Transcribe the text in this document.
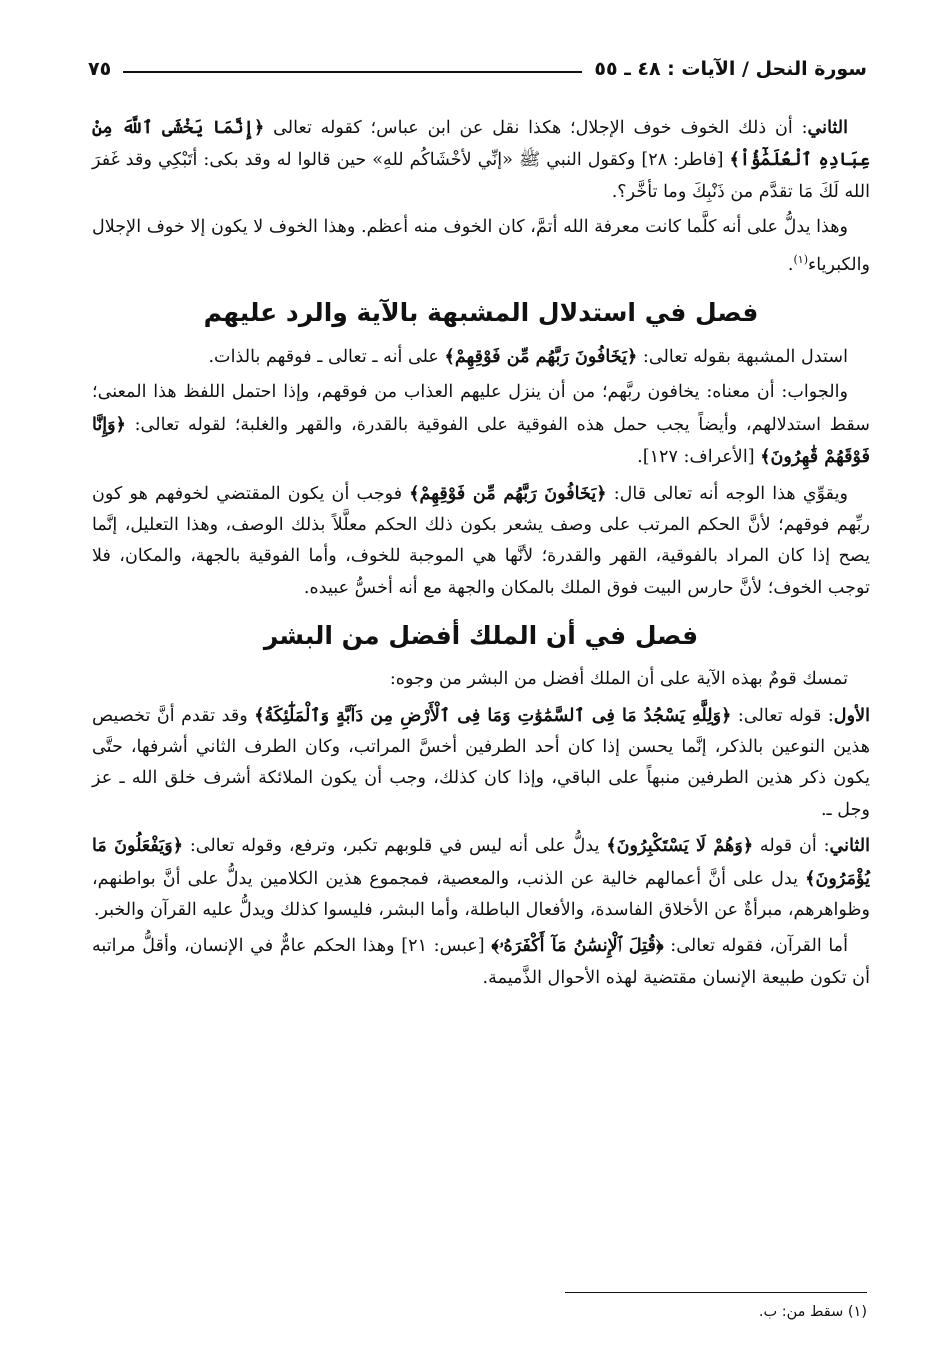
سورة النحل / الآيات : ٤٨ ـ ٥٥
٧٥

الثاني: أن ذلك الخوف خوف الإجلال؛ هكذا نقل عن ابن عباس؛ كقوله تعالى ﴿إِنَّمَا يَخْشَى ٱللَّهَ مِنْ عِبَادِهِ ٱلْعُلَمَٰٓؤُاْ﴾ [فاطر: ٢٨] وكقول النبي ﷺ «إنِّي لأخْشَاكُم للهِ» حين قالوا له وقد بكى: أتَبْكِي وقد غَفرَ الله لَكَ مَا تقدَّم من ذَنْبِكَ وما تأخَّر؟.

وهذا يدلُّ على أنه كلَّما كانت معرفة الله أتمَّ، كان الخوف منه أعظم. وهذا الخوف لا يكون إلا خوف الإجلال والكبرياء$^{(١)}$.

فصل في استدلال المشبهة بالآية والرد عليهم

استدل المشبهة بقوله تعالى: ﴿يَخَافُونَ رَبَّهُم مِّن فَوْقِهِمْ﴾ على أنه ـ تعالى ـ فوقهم بالذات.

والجواب: أن معناه: يخافون ربَّهم؛ من أن ينزل عليهم العذاب من فوقهم، وإذا احتمل اللفظ هذا المعنى؛ سقط استدلالهم، وأيضاً يجب حمل هذه الفوقية على الفوقية بالقدرة، والقهر والغلبة؛ لقوله تعالى: ﴿وَإِنَّا فَوْقَهُمْ قَٰهِرُونَ﴾ [الأعراف: ١٢٧].

ويقوِّي هذا الوجه أنه تعالى قال: ﴿يَخَافُونَ رَبَّهُم مِّن فَوْقِهِمْ﴾ فوجب أن يكون المقتضي لخوفهم هو كون ربِّهم فوقهم؛ لأنَّ الحكم المرتب على وصف يشعر بكون ذلك الحكم معلَّلاً بذلك الوصف، وهذا التعليل، إنَّما يصح إذا كان المراد بالفوقية، القهر والقدرة؛ لأنَّها هي الموجبة للخوف، وأما الفوقية بالجهة، والمكان، فلا توجب الخوف؛ لأنَّ حارس البيت فوق الملك بالمكان والجهة مع أنه أخسُّ عبيده.

فصل في أن الملك أفضل من البشر

تمسك قومٌ بهذه الآية على أن الملك أفضل من البشر من وجوه:

الأول: قوله تعالى: ﴿وَلِلَّهِ يَسْجُدُ مَا فِى ٱلسَّمَٰوَٰتِ وَمَا فِى ٱلْأَرْضِ مِن دَآبَّةٍ وَٱلْمَلَٰٓئِكَةُ﴾ وقد تقدم أنَّ تخصيص هذين النوعين بالذكر، إنَّما يحسن إذا كان أحد الطرفين أخسَّ المراتب، وكان الطرف الثاني أشرفها، حتَّى يكون ذكر هذين الطرفين منبهاً على الباقي، وإذا كان كذلك، وجب أن يكون الملائكة أشرف خلق الله ـ عز وجل ـ.

الثاني: أن قوله ﴿وَهُمْ لَا يَسْتَكْبِرُونَ﴾ يدلُّ على أنه ليس في قلوبهم تكبر، وترفع، وقوله تعالى: ﴿وَيَفْعَلُونَ مَا يُؤْمَرُونَ﴾ يدل على أنَّ أعمالهم خالية عن الذنب، والمعصية، فمجموع هذين الكلامين يدلُّ على أنَّ بواطنهم، وظواهرهم، مبرأةٌ عن الأخلاق الفاسدة، والأفعال الباطلة، وأما البشر، فليسوا كذلك ويدلُّ عليه القرآن والخبر.

أما القرآن، فقوله تعالى: ﴿قُتِلَ ٱلْإِنسَٰنُ مَآ أَكْفَرَهُۥ﴾ [عبس: ٢١] وهذا الحكم عامٌّ في الإنسان، وأقلُّ مراتبه أن تكون طبيعة الإنسان مقتضية لهذه الأحوال الذَّميمة.

(١) سقط من: ب.
